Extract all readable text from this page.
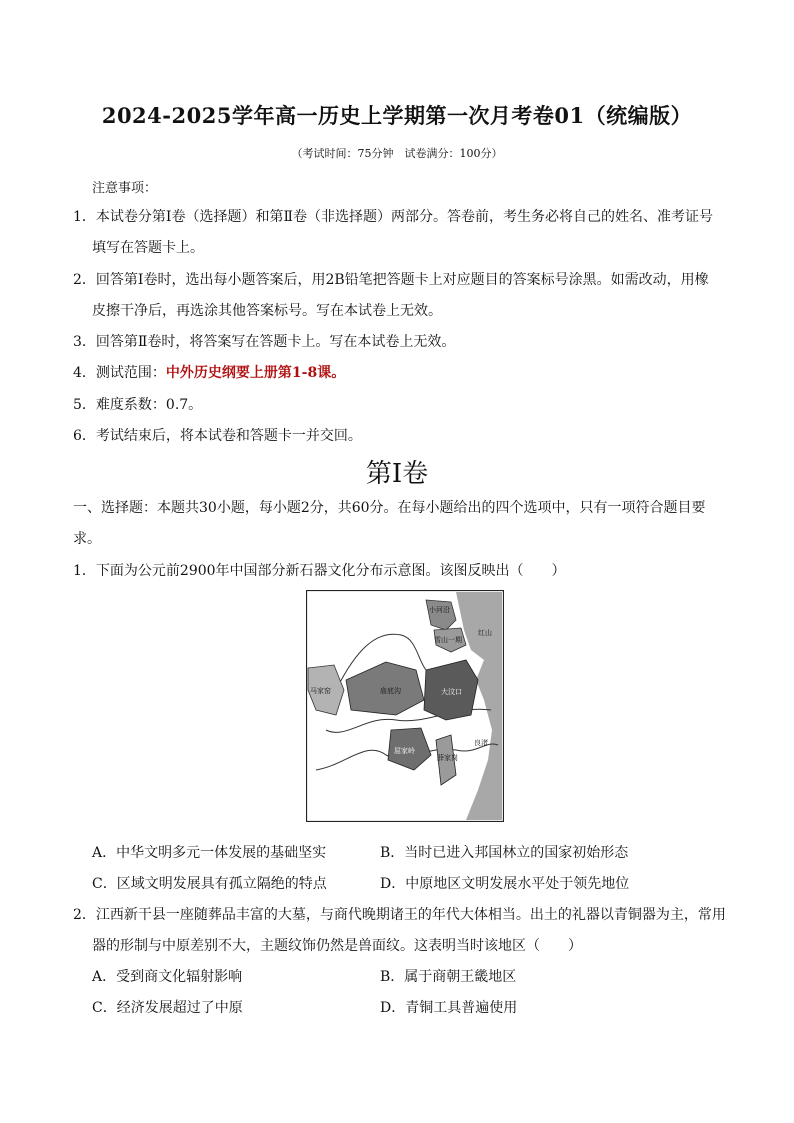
2024-2025学年高一历史上学期第一次月考卷01（统编版）
（考试时间：75分钟　试卷满分：100分）
注意事项：
1．本试卷分第Ⅰ卷（选择题）和第Ⅱ卷（非选择题）两部分。答卷前，考生务必将自己的姓名、准考证号
填写在答题卡上。
2．回答第Ⅰ卷时，选出每小题答案后，用2B铅笔把答题卡上对应题目的答案标号涂黑。如需改动，用橡
皮擦干净后，再选涂其他答案标号。写在本试卷上无效。
3．回答第Ⅱ卷时，将答案写在答题卡上。写在本试卷上无效。
4．测试范围：中外历史纲要上册第1-8课。
5．难度系数：0.7。
6．考试结束后，将本试卷和答题卡一并交回。
第Ⅰ卷
一、选择题：本题共30小题，每小题2分，共60分。在每小题给出的四个选项中，只有一项符合题目要
求。
1．下面为公元前2900年中国部分新石器文化分布示意图。该图反映出（　　）
小河沿
雪山一期
大汶口
庙底沟
马家窑
屈家岭
薛家岗
良渚
红山
A．中华文明多元一体发展的基础坚实	B．当时已进入邦国林立的国家初始形态
C．区域文明发展具有孤立隔绝的特点	D．中原地区文明发展水平处于领先地位
2．江西新干县一座随葬品丰富的大墓，与商代晚期诸王的年代大体相当。出土的礼器以青铜器为主，常用
器的形制与中原差别不大，主题纹饰仍然是兽面纹。这表明当时该地区（　　）
A．受到商文化辐射影响	B．属于商朝王畿地区
C．经济发展超过了中原	D．青铜工具普遍使用
